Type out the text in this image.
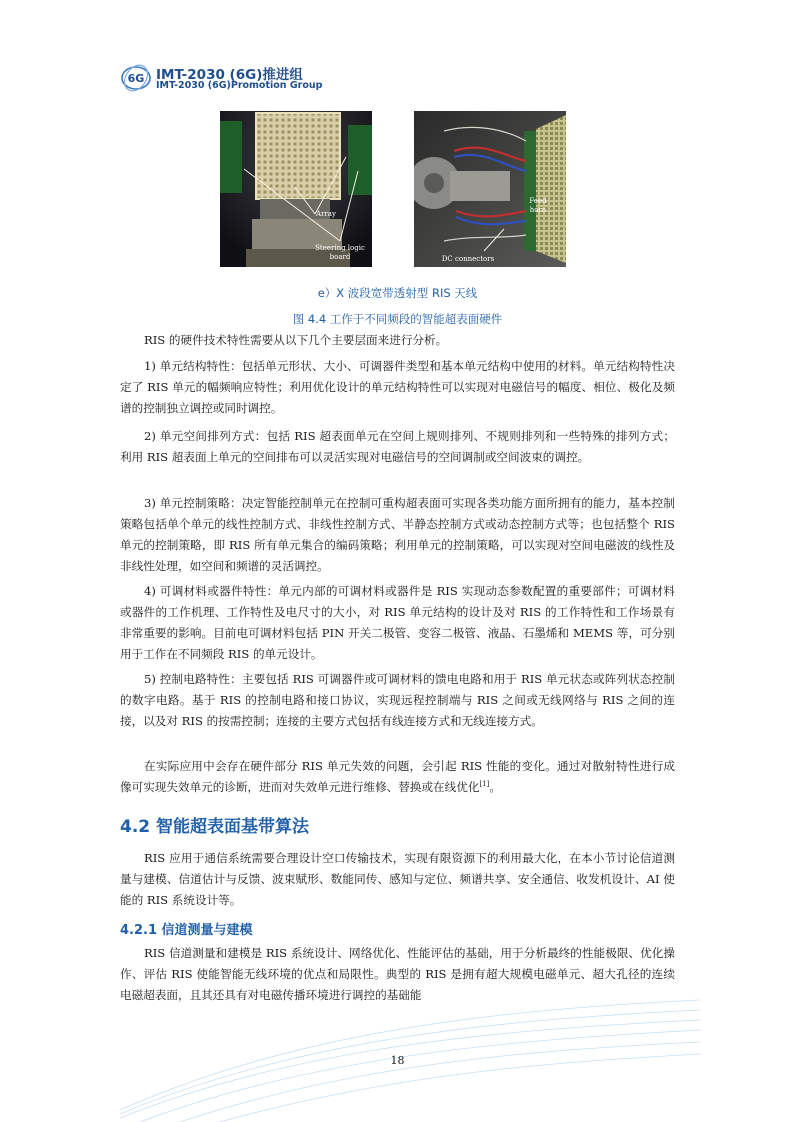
6G IMT-2030 (6G)推进组
IMT-2030 (6G)Promotion Group
Array
Steering logic
board
Feed
horn
DC connectors
e）X 波段宽带透射型 RIS 天线
图 4.4 工作于不同频段的智能超表面硬件

RIS 的硬件技术特性需要从以下几个主要层面来进行分析。

1) 单元结构特性：包括单元形状、大小、可调器件类型和基本单元结构中使用的材料。单元结构特性决定了 RIS 单元的幅频响应特性；利用优化设计的单元结构特性可以实现对电磁信号的幅度、相位、极化及频谱的控制独立调控或同时调控。

2) 单元空间排列方式：包括 RIS 超表面单元在空间上规则排列、不规则排列和一些特殊的排列方式；利用 RIS 超表面上单元的空间排布可以灵活实现对电磁信号的空间调制或空间波束的调控。

3) 单元控制策略：决定智能控制单元在控制可重构超表面可实现各类功能方面所拥有的能力，基本控制策略包括单个单元的线性控制方式、非线性控制方式、半静态控制方式或动态控制方式等；也包括整个 RIS 单元的控制策略，即 RIS 所有单元集合的编码策略；利用单元的控制策略，可以实现对空间电磁波的线性及非线性处理，如空间和频谱的灵活调控。

4) 可调材料或器件特性：单元内部的可调材料或器件是 RIS 实现动态参数配置的重要部件；可调材料或器件的工作机理、工作特性及电尺寸的大小，对 RIS 单元结构的设计及对 RIS 的工作特性和工作场景有非常重要的影响。目前电可调材料包括 PIN 开关二极管、变容二极管、液晶、石墨烯和 MEMS 等，可分别用于工作在不同频段 RIS 的单元设计。

5) 控制电路特性：主要包括 RIS 可调器件或可调材料的馈电电路和用于 RIS 单元状态或阵列状态控制的数字电路。基于 RIS 的控制电路和接口协议，实现远程控制端与 RIS 之间或无线网络与 RIS 之间的连接，以及对 RIS 的按需控制；连接的主要方式包括有线连接方式和无线连接方式。

在实际应用中会存在硬件部分 RIS 单元失效的问题，会引起 RIS 性能的变化。通过对散射特性进行成像可实现失效单元的诊断，进而对失效单元进行维修、替换或在线优化[1]。

4.2 智能超表面基带算法

RIS 应用于通信系统需要合理设计空口传输技术，实现有限资源下的利用最大化，在本小节讨论信道测量与建模、信道估计与反馈、波束赋形、数能同传、感知与定位、频谱共享、安全通信、收发机设计、AI 使能的 RIS 系统设计等。

4.2.1 信道测量与建模

RIS 信道测量和建模是 RIS 系统设计、网络优化、性能评估的基础，用于分析最终的性能极限、优化操作、评估 RIS 使能智能无线环境的优点和局限性。典型的 RIS 是拥有超大规模电磁单元、超大孔径的连续电磁超表面，且其还具有对电磁传播环境进行调控的基础能

18
